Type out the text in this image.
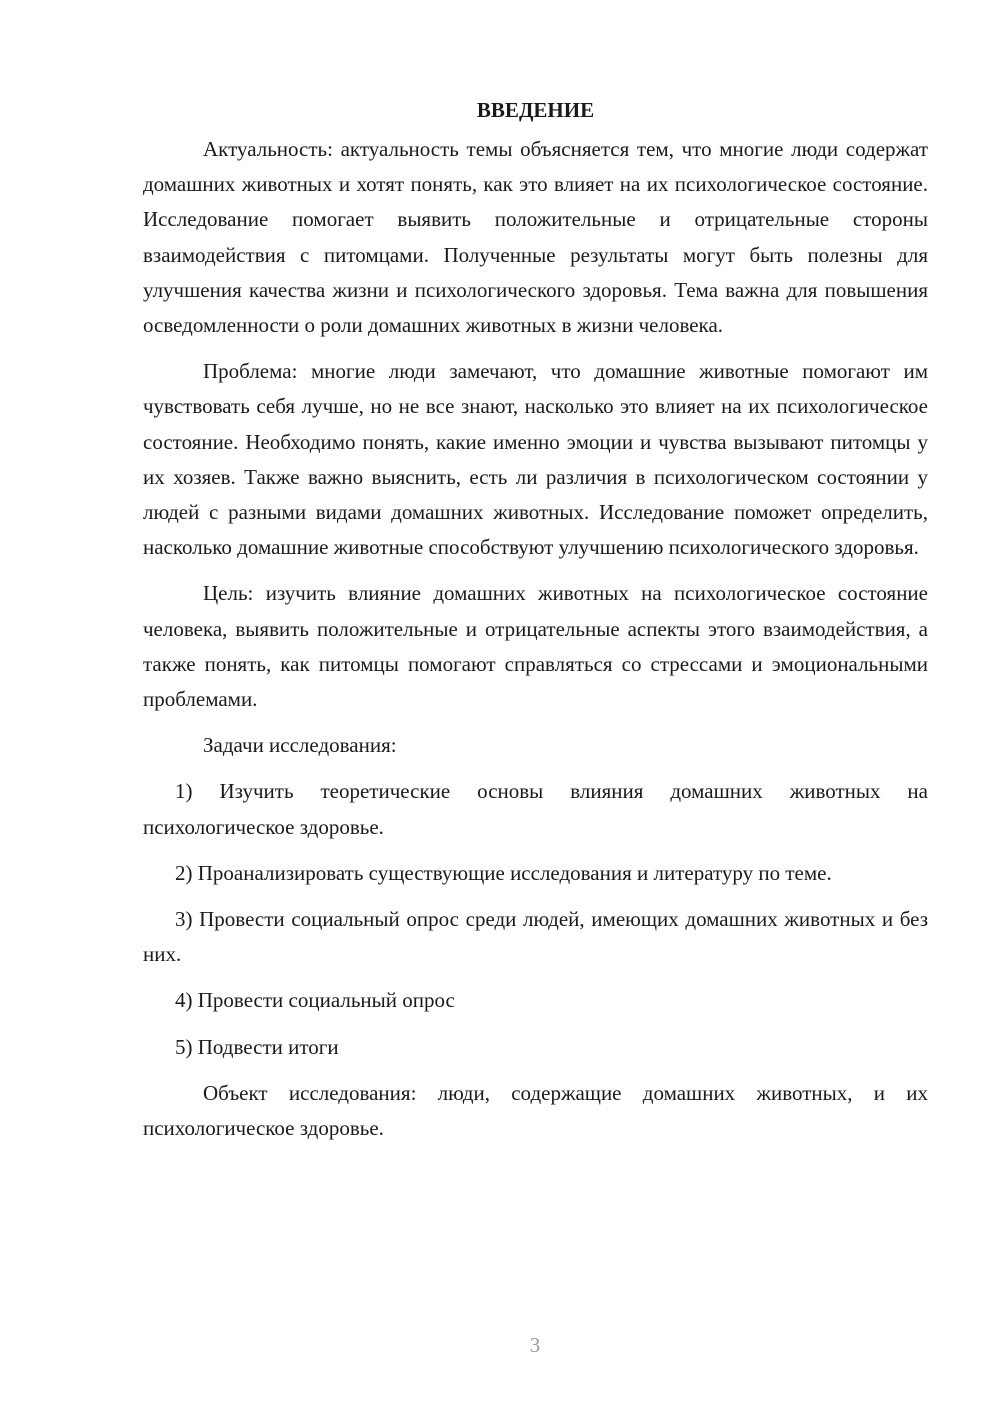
ВВЕДЕНИЕ

Актуальность: актуальность темы объясняется тем, что многие люди содержат домашних животных и хотят понять, как это влияет на их психологическое состояние. Исследование помогает выявить положительные и отрицательные стороны взаимодействия с питомцами. Полученные результаты могут быть полезны для улучшения качества жизни и психологического здоровья. Тема важна для повышения осведомленности о роли домашних животных в жизни человека.

Проблема: многие люди замечают, что домашние животные помогают им чувствовать себя лучше, но не все знают, насколько это влияет на их психологическое состояние. Необходимо понять, какие именно эмоции и чувства вызывают питомцы у их хозяев. Также важно выяснить, есть ли различия в психологическом состоянии у людей с разными видами домашних животных. Исследование поможет определить, насколько домашние животные способствуют улучшению психологического здоровья.

Цель: изучить влияние домашних животных на психологическое состояние человека, выявить положительные и отрицательные аспекты этого взаимодействия, а также понять, как питомцы помогают справляться со стрессами и эмоциональными проблемами.

Задачи исследования:

1) Изучить теоретические основы влияния домашних животных на психологическое здоровье.

2) Проанализировать существующие исследования и литературу по теме.

3) Провести социальный опрос среди людей, имеющих домашних животных и без них.

4) Провести социальный опрос

5) Подвести итоги

Объект исследования: люди, содержащие домашних животных, и их психологическое здоровье.

3
